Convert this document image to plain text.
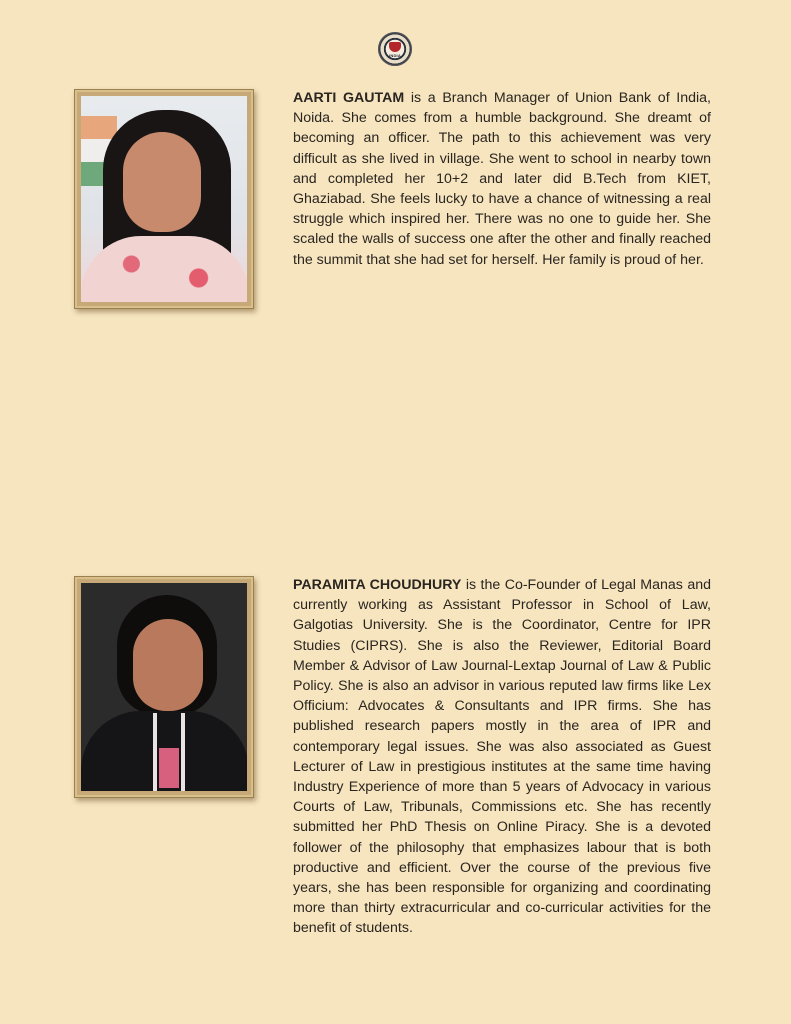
INDIA

AARTI GAUTAM is a Branch Manager of Union Bank of India, Noida. She comes from a humble background. She dreamt of becoming an officer. The path to this achievement was very difficult as she lived in village. She went to school in nearby town and completed her 10+2 and later did B.Tech from KIET, Ghaziabad. She feels lucky to have a chance of witnessing a real struggle which inspired her. There was no one to guide her. She scaled the walls of success one after the other and finally reached the summit that she had set for herself. Her family is proud of her.

PARAMITA CHOUDHURY is the Co-Founder of Legal Manas and currently working as Assistant Professor in School of Law, Galgotias University. She is the Coordinator, Centre for IPR Studies (CIPRS). She is also the Reviewer, Editorial Board Member & Advisor of Law Journal-Lextap Journal of Law & Public Policy. She is also an advisor in various reputed law firms like Lex Officium: Advocates & Consultants and IPR firms. She has published research papers mostly in the area of IPR and contemporary legal issues. She was also associated as Guest Lecturer of Law in prestigious institutes at the same time having Industry Experience of more than 5 years of Advocacy in various Courts of Law, Tribunals, Commissions etc. She has recently submitted her PhD Thesis on Online Piracy. She is a devoted follower of the philosophy that emphasizes labour that is both productive and efficient. Over the course of the previous five years, she has been responsible for organizing and coordinating more than thirty extracurricular and co-curricular activities for the benefit of students.
